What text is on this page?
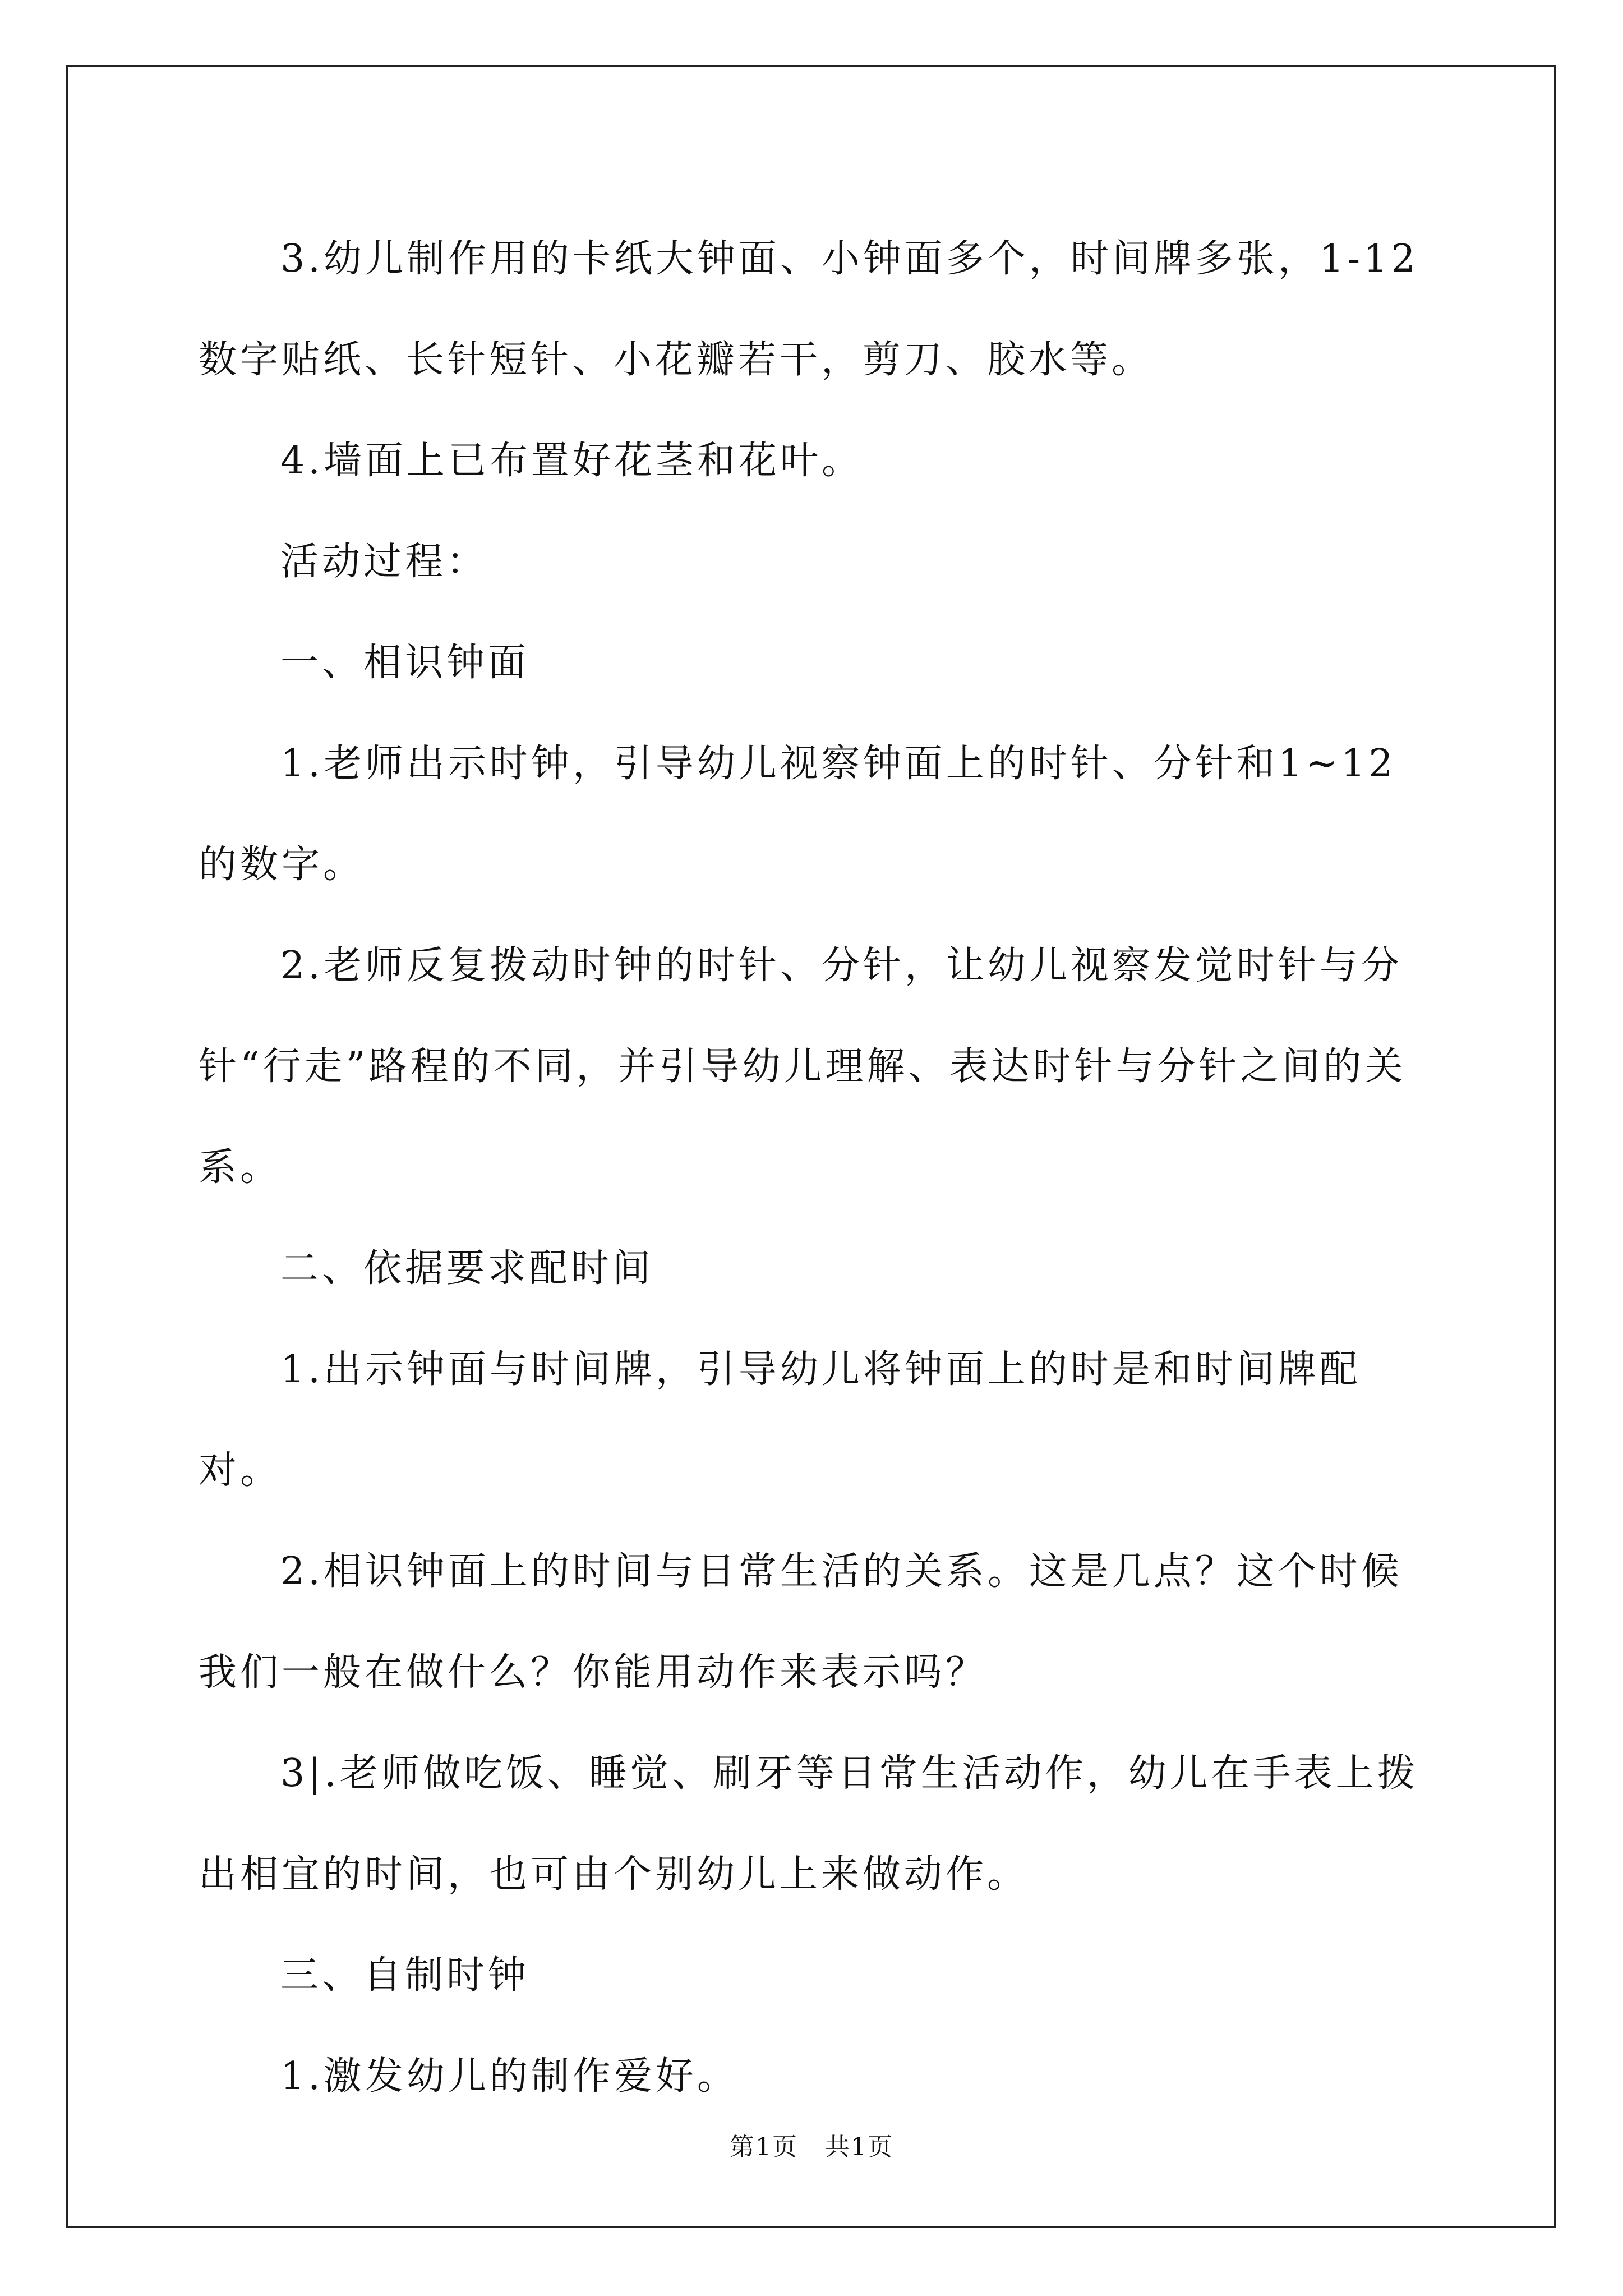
3.幼儿制作用的卡纸大钟面、小钟面多个，时间牌多张，1-12数字贴纸、长针短针、小花瓣若干，剪刀、胶水等。

4.墙面上已布置好花茎和花叶。

活动过程：

一、相识钟面

1.老师出示时钟，引导幼儿视察钟面上的时针、分针和1~12的数字。

2.老师反复拨动时钟的时针、分针，让幼儿视察发觉时针与分针“行走”路程的不同，并引导幼儿理解、表达时针与分针之间的关系。

二、依据要求配时间

1.出示钟面与时间牌，引导幼儿将钟面上的时是和时间牌配对。

2.相识钟面上的时间与日常生活的关系。这是几点？这个时候我们一般在做什么？你能用动作来表示吗？

3|.老师做吃饭、睡觉、刷牙等日常生活动作，幼儿在手表上拨出相宜的时间，也可由个别幼儿上来做动作。

三、自制时钟

1.激发幼儿的制作爱好。

第1页 共1页
